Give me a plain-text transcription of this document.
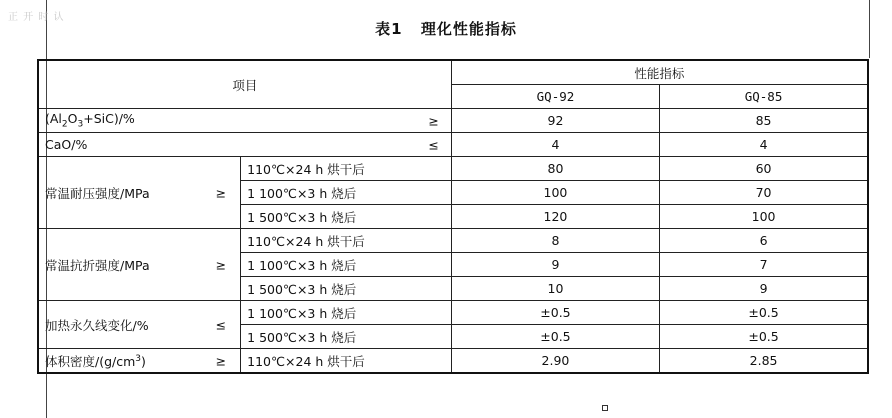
正 开 时 认
表1 理化性能指标
项目		性能指标	
		GQ-92	GQ-85
$(Al_2O_3+SiC)/\%$ ≥		92	85
CaO/% ≤		4	4
常温耐压强度/MPa ≥	110℃×24 h 烘干后	80	60
	1 100℃×3 h 烧后	100	70
	1 500℃×3 h 烧后	120	100
常温抗折强度/MPa ≥	110℃×24 h 烘干后	8	6
	1 100℃×3 h 烧后	9	7
	1 500℃×3 h 烧后	10	9
加热永久线变化/% ≤	1 100℃×3 h 烧后	±0.5	±0.5
	1 500℃×3 h 烧后	±0.5	±0.5
体积密度$/(g/cm^3)$ ≥	110℃×24 h 烘干后	2.90	2.85
